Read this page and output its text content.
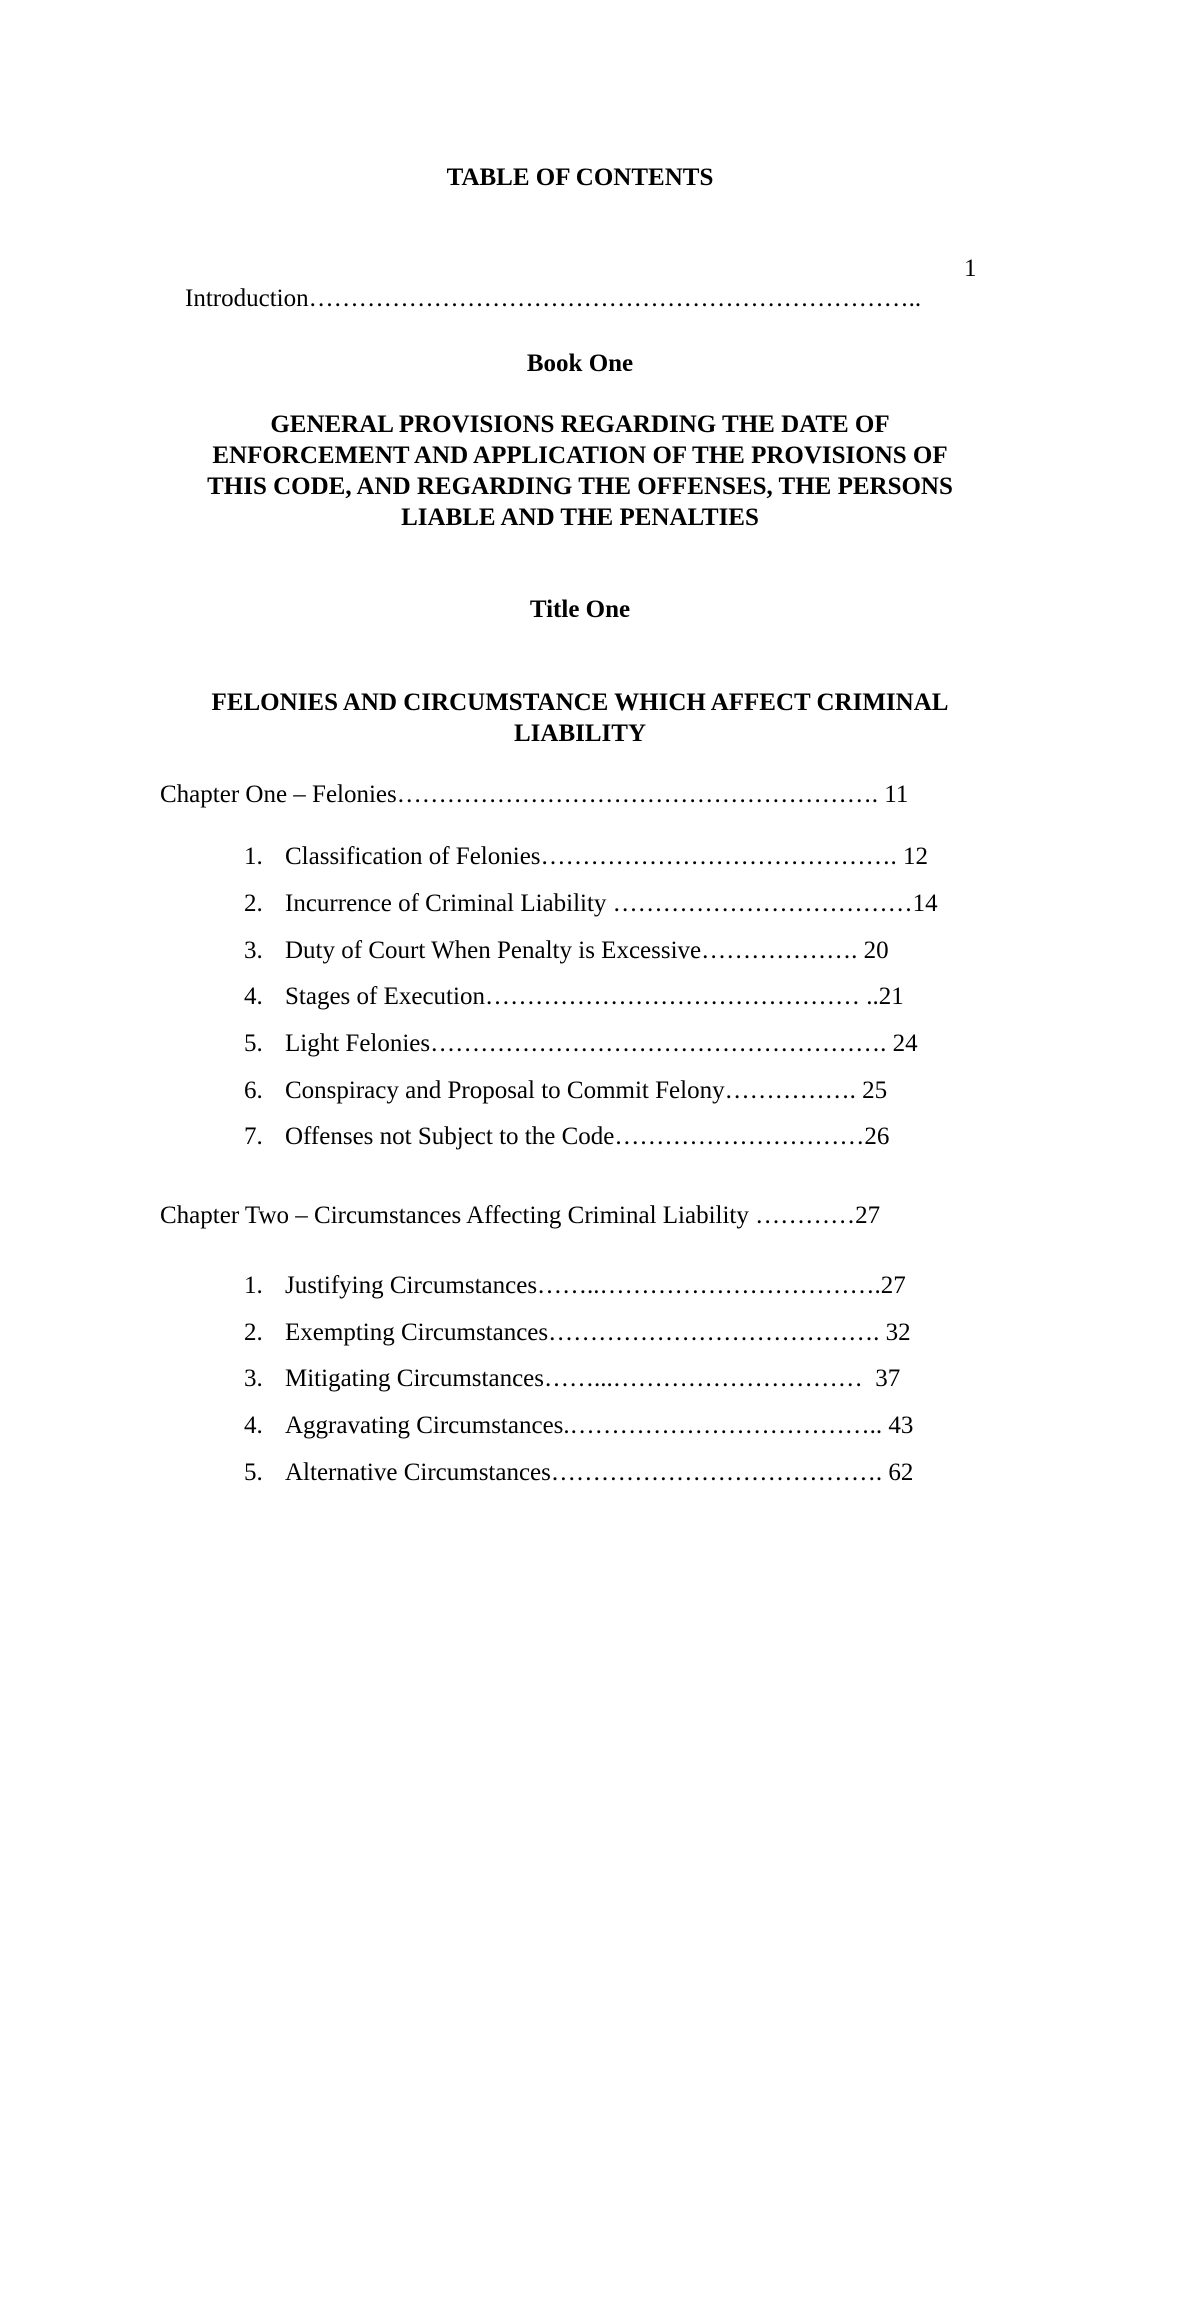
TABLE OF CONTENTS

Introduction………………………………………………………………..

1
Book One
GENERAL PROVISIONS REGARDING THE DATE OF
ENFORCEMENT AND APPLICATION OF THE PROVISIONS OF
THIS CODE, AND REGARDING THE OFFENSES, THE PERSONS
LIABLE AND THE PENALTIES
Title One
FELONIES AND CIRCUMSTANCE WHICH AFFECT CRIMINAL
LIABILITY
Chapter One – Felonies…………………………………………………. 11
1. Classification of Felonies……………………………………. 12
2. Incurrence of Criminal Liability ………………………………14
3. Duty of Court When Penalty is Excessive………………. 20
4. Stages of Execution……………………………………… ..21
5. Light Felonies………………………………………………. 24
6. Conspiracy and Proposal to Commit Felony……………. 25
7. Offenses not Subject to the Code…………………………26
Chapter Two – Circumstances Affecting Criminal Liability …………27
1. Justifying Circumstances……..…………………………….27
2. Exempting Circumstances…………………………………. 32
3. Mitigating Circumstances……...…………………………  37
4. Aggravating Circumstances.……………………………….. 43
5. Alternative Circumstances…………………………………. 62
